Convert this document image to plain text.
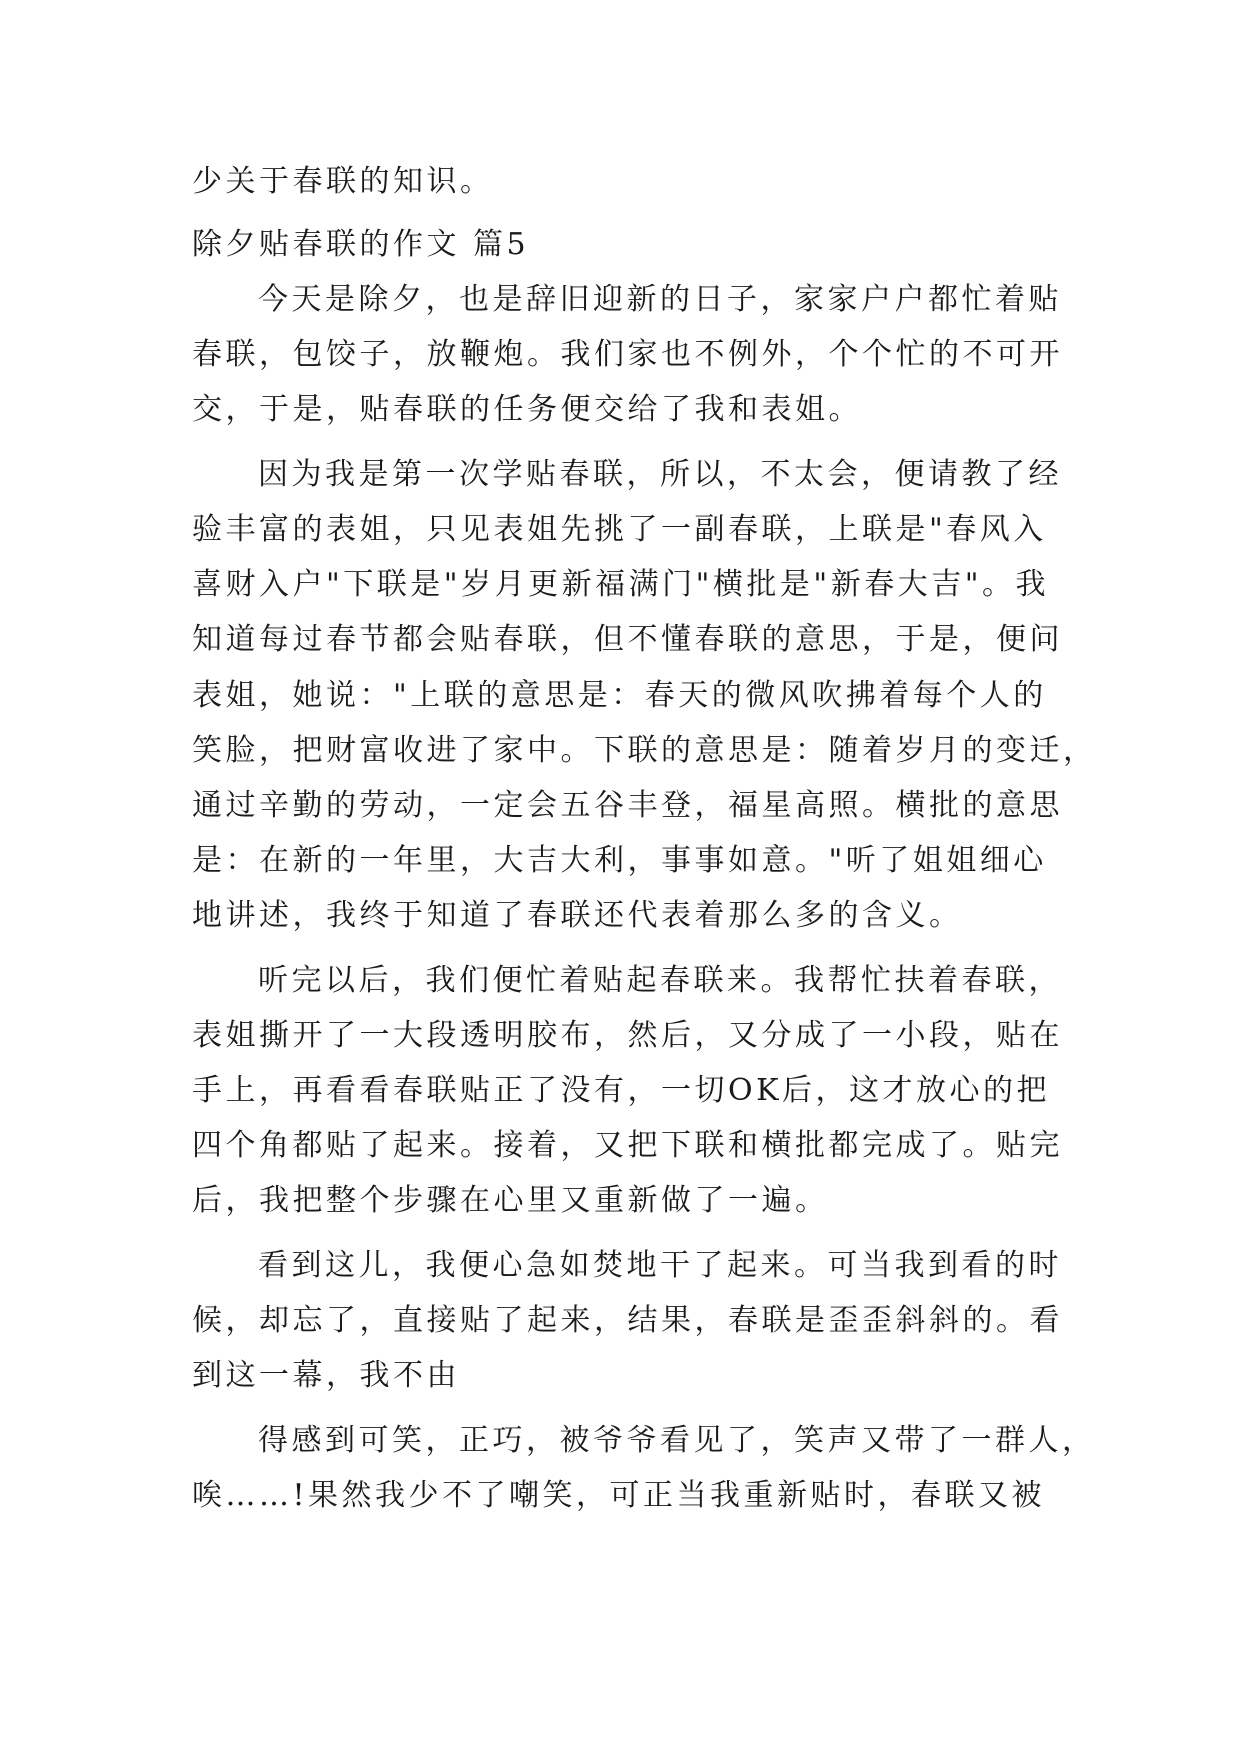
少关于春联的知识。
除夕贴春联的作文 篇5
今天是除夕，也是辞旧迎新的日子，家家户户都忙着贴
春联，包饺子，放鞭炮。我们家也不例外，个个忙的不可开
交，于是，贴春联的任务便交给了我和表姐。
因为我是第一次学贴春联，所以，不太会，便请教了经
验丰富的表姐，只见表姐先挑了一副春联，上联是"春风入
喜财入户"下联是"岁月更新福满门"横批是"新春大吉"。我
知道每过春节都会贴春联，但不懂春联的意思，于是，便问
表姐，她说："上联的意思是：春天的微风吹拂着每个人的
笑脸，把财富收进了家中。下联的意思是：随着岁月的变迁，
通过辛勤的劳动，一定会五谷丰登，福星高照。横批的意思
是：在新的一年里，大吉大利，事事如意。"听了姐姐细心
地讲述，我终于知道了春联还代表着那么多的含义。
听完以后，我们便忙着贴起春联来。我帮忙扶着春联，
表姐撕开了一大段透明胶布，然后，又分成了一小段，贴在
手上，再看看春联贴正了没有，一切OK后，这才放心的把
四个角都贴了起来。接着，又把下联和横批都完成了。贴完
后，我把整个步骤在心里又重新做了一遍。
看到这儿，我便心急如焚地干了起来。可当我到看的时
候，却忘了，直接贴了起来，结果，春联是歪歪斜斜的。看
到这一幕，我不由
得感到可笑，正巧，被爷爷看见了，笑声又带了一群人，
唉……!果然我少不了嘲笑，可正当我重新贴时，春联又被
